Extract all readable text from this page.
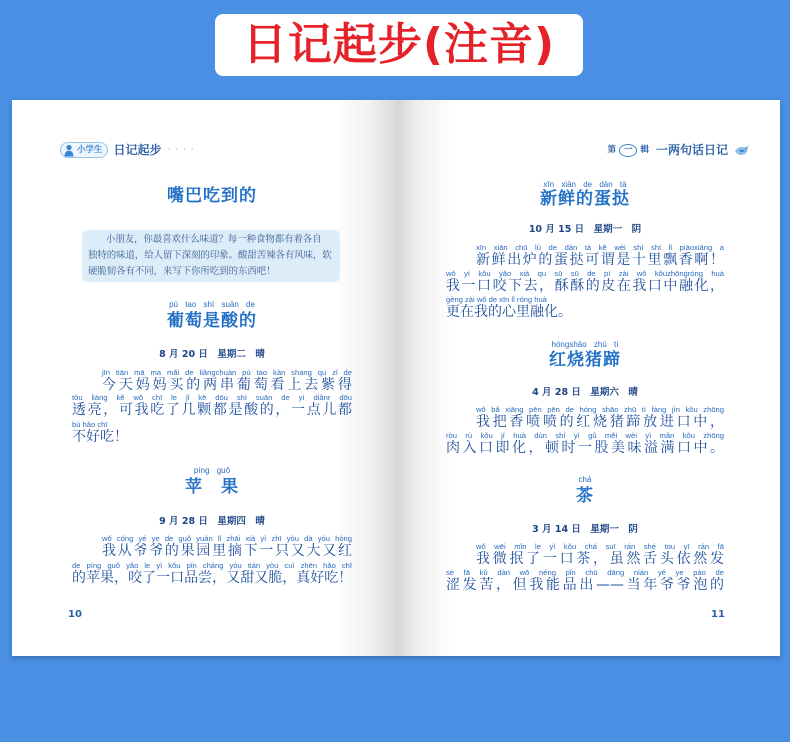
日记起步(注音)
小学生 日记起步 · · · ·
嘴巴吃到的
小朋友，你最喜欢什么味道？每一种食物都有着各自
独特的味道，给人留下深刻的印象。酸甜苦辣各有风味，软
硬脆韧各有不同，来写下你所吃到的东西吧！
pú tao shì suān de
葡萄是酸的
8 月 20 日　星期二　晴
jīn tiān mā ma mǎi de liǎngchuàn pú tao kàn shang qu zǐ de
今天妈妈买的两串葡萄看上去紫得
tòu liàng kě wǒ chī le jǐ kē dōu shì suān de yì diǎnr dōu
透亮，可我吃了几颗都是酸的，一点儿都
bù hǎo chī
不好吃！
píng guǒ
苹　果
9 月 28 日　星期四　晴
wǒ cóng yé ye de guǒ yuán lǐ zhāi xià yì zhī yòu dà yòu hóng
我从爷爷的果园里摘下一只又大又红
de píng guǒ yǎo le yì kǒu pǐn cháng yòu tián yòu cuì zhēn hǎo chī
的苹果，咬了一口品尝，又甜又脆，真好吃！
10
第 一 辑 一两句话日记
xīn xiān de dàn tà
新鲜的蛋挞
10 月 15 日　星期一　阴
xīn xiān chū lú de dàn tà kě wèi shì shí lǐ piāoxiāng a
新鲜出炉的蛋挞可谓是十里飘香啊！
wǒ yì kǒu yǎo xià qu sū sū de pí zài wǒ kǒuzhōngróng huà
我一口咬下去，酥酥的皮在我口中融化，
gèng zài wǒ de xīn lǐ róng huà
更在我的心里融化。
hóngshāo zhū tí
红烧猪蹄
4 月 28 日　星期六　晴
wǒ bǎ xiāng pēn pēn de hóng shāo zhū tí fàng jìn kǒu zhōng
我把香喷喷的红烧猪蹄放进口中，
ròu rù kǒu jí huà dùn shí yì gǔ měi wèi yì mǎn kǒu zhōng
肉入口即化，顿时一股美味溢满口中。
chá
茶
3 月 14 日　星期一　阴
wǒ wēi mǐn le yì kǒu chá suī rán shé tou yī rán fā
我微抿了一口茶，虽然舌头依然发
sè fā kǔ dàn wǒ néng pǐn chū dāng nián yé ye pào de
涩发苦，但我能品出——当年爷爷泡的
11
